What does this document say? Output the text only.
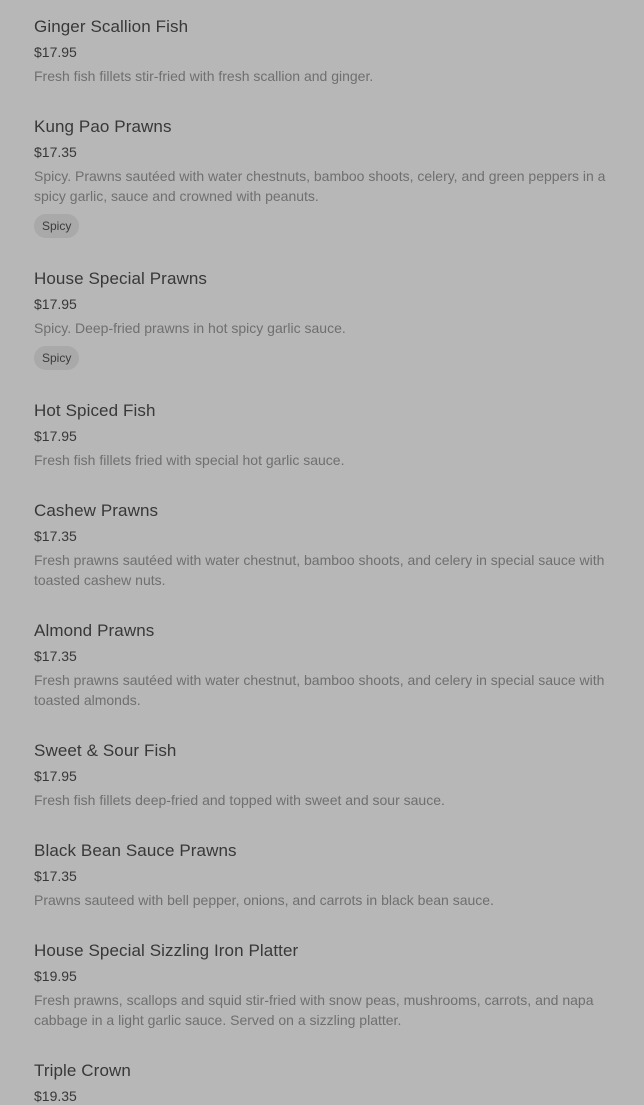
Ginger Scallion Fish
$17.95
Fresh fish fillets stir-fried with fresh scallion and ginger.
Kung Pao Prawns
$17.35
Spicy. Prawns sautéed with water chestnuts, bamboo shoots, celery, and green peppers in a spicy garlic, sauce and crowned with peanuts.
Spicy
House Special Prawns
$17.95
Spicy. Deep-fried prawns in hot spicy garlic sauce.
Spicy
Hot Spiced Fish
$17.95
Fresh fish fillets fried with special hot garlic sauce.
Cashew Prawns
$17.35
Fresh prawns sautéed with water chestnut, bamboo shoots, and celery in special sauce with toasted cashew nuts.
Almond Prawns
$17.35
Fresh prawns sautéed with water chestnut, bamboo shoots, and celery in special sauce with toasted almonds.
Sweet & Sour Fish
$17.95
Fresh fish fillets deep-fried and topped with sweet and sour sauce.
Black Bean Sauce Prawns
$17.35
Prawns sauteed with bell pepper, onions, and carrots in black bean sauce.
House Special Sizzling Iron Platter
$19.95
Fresh prawns, scallops and squid stir-fried with snow peas, mushrooms, carrots, and napa cabbage in a light garlic sauce. Served on a sizzling platter.
Triple Crown
$19.35
